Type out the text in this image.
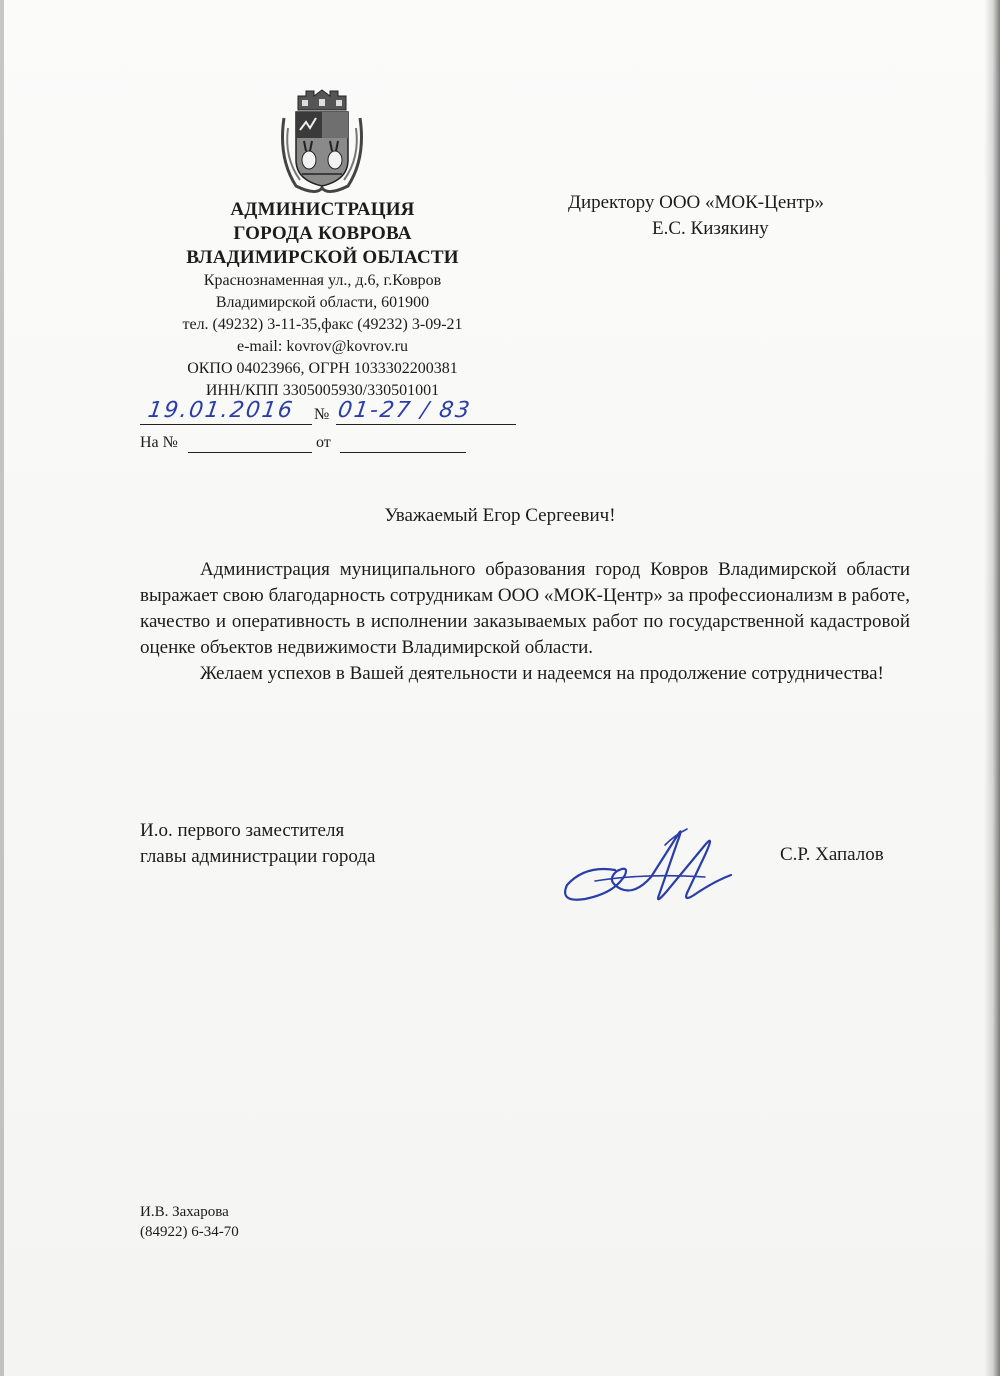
АДМИНИСТРАЦИЯ
ГОРОДА КОВРОВА
ВЛАДИМИРСКОЙ ОБЛАСТИ
Краснознаменная ул., д.6, г.Ковров
Владимирской области, 601900
тел. (49232) 3-11-35,факс (49232) 3-09-21
e-mail: kovrov@kovrov.ru
ОКПО 04023966, ОГРН 1033302200381
ИНН/КПП 3305005930/330501001
19.01.2016 № 01-27 / 83
На №	от
Директору ООО «МОК-Центр»
Е.С. Кизякину
Уважаемый Егор Сергеевич!

Администрация муниципального образования город Ковров Владимирской области выражает свою благодарность сотрудникам ООО «МОК-Центр» за профессионализм в работе, качество и оперативность в исполнении заказываемых работ по государственной кадастровой оценке объектов недвижимости Владимирской области.

Желаем успехов в Вашей деятельности и надеемся на продолжение сотрудничества!

И.о. первого заместителя
главы администрации города	С.Р. Хапалов
И.В. Захарова
(84922) 6-34-70
